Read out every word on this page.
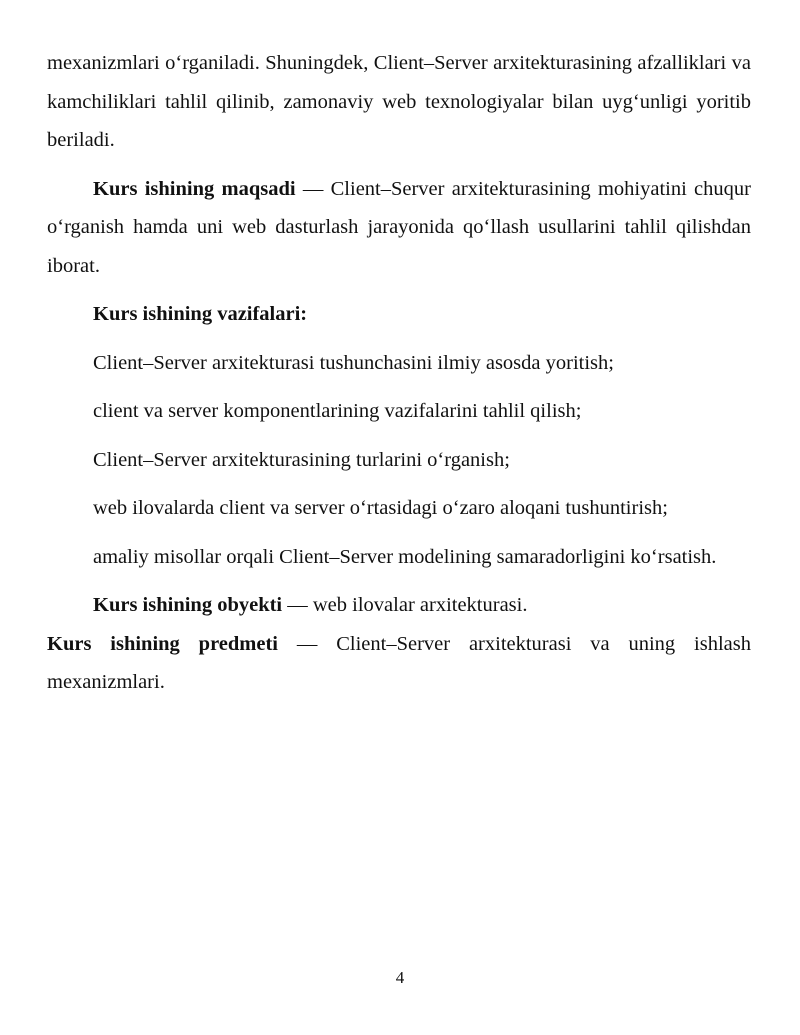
mexanizmlari o‘rganiladi. Shuningdek, Client–Server arxitekturasining afzalliklari va kamchiliklari tahlil qilinib, zamonaviy web texnologiyalar bilan uyg‘unligi yoritib beriladi.

Kurs ishining maqsadi — Client–Server arxitekturasining mohiyatini chuqur o‘rganish hamda uni web dasturlash jarayonida qo‘llash usullarini tahlil qilishdan iborat.

Kurs ishining vazifalari:

Client–Server arxitekturasi tushunchasini ilmiy asosda yoritish;

client va server komponentlarining vazifalarini tahlil qilish;

Client–Server arxitekturasining turlarini o‘rganish;

web ilovalarda client va server o‘rtasidagi o‘zaro aloqani tushuntirish;

amaliy misollar orqali Client–Server modelining samaradorligini ko‘rsatish.

Kurs ishining obyekti — web ilovalar arxitekturasi.

Kurs ishining predmeti — Client–Server arxitekturasi va uning ishlash mexanizmlari.

4
